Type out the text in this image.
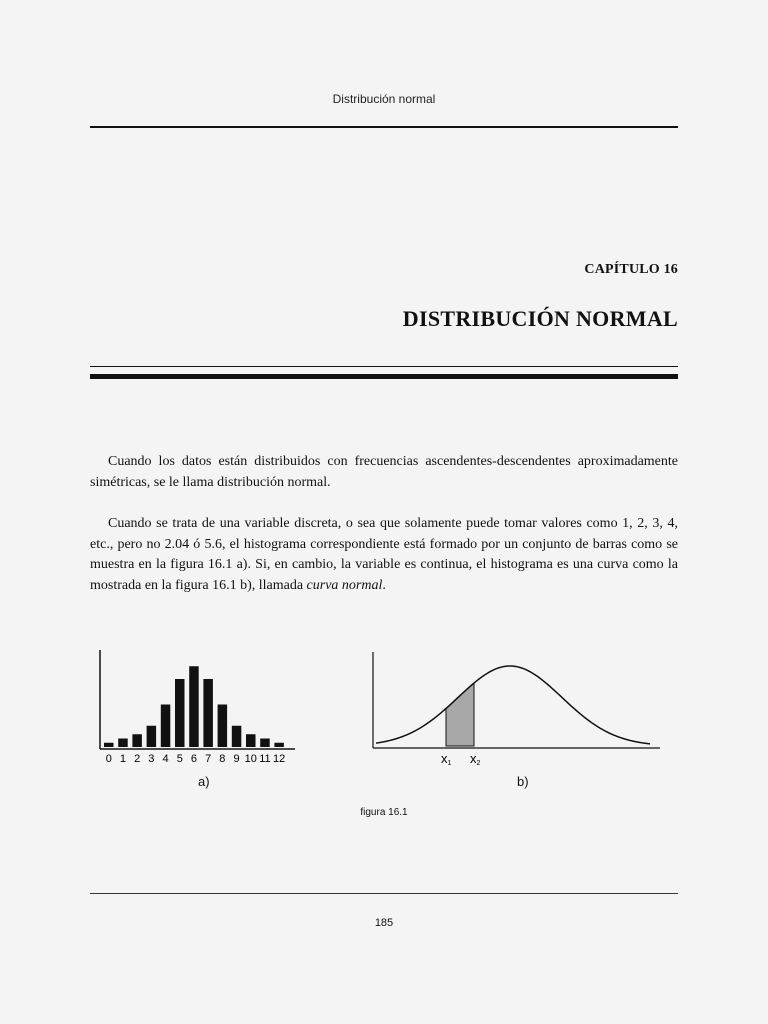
Distribución normal
CAPÍTULO 16
DISTRIBUCIÓN NORMAL

Cuando los datos están distribuidos con frecuencias ascendentes-descendentes aproximadamente simétricas, se le llama distribución normal.

Cuando se trata de una variable discreta, o sea que solamente puede tomar valores como 1, 2, 3, 4, etc., pero no 2.04 ó 5.6, el histograma correspondiente está formado por un conjunto de barras como se muestra en la figura 16.1 a). Si, en cambio, la variable es continua, el histograma es una curva como la mostrada en la figura 16.1 b), llamada curva normal.

0 1 2 3 4 5 6 7 8 9 10 11 12	x1 x2
a)	b)
figura 16.1
185
